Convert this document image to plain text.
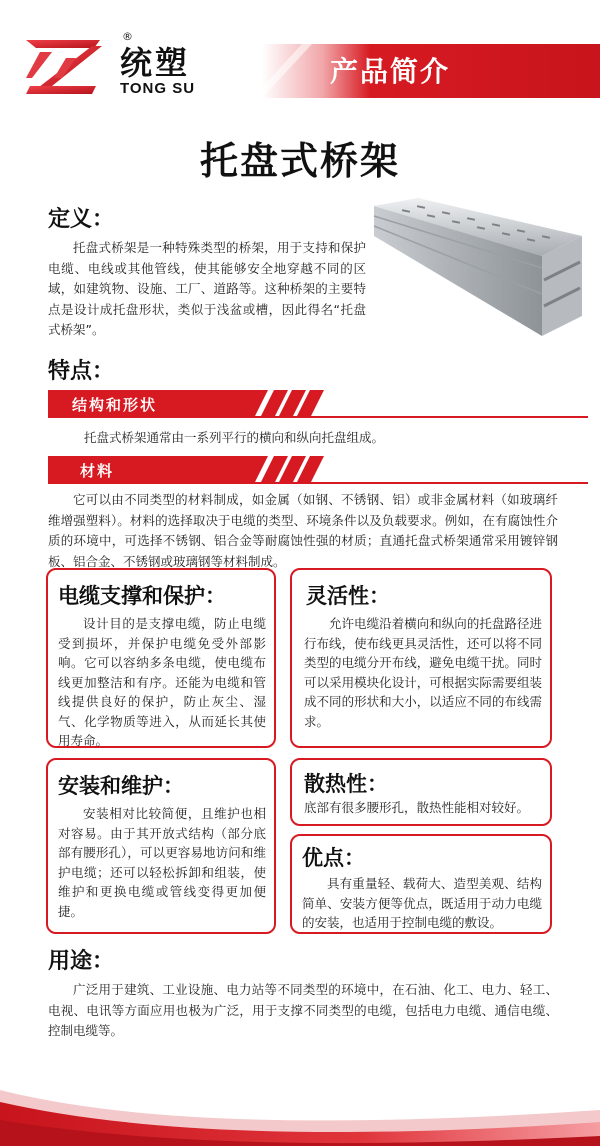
®
统塑
TONG SU
产品简介
托盘式桥架
定义：
托盘式桥架是一种特殊类型的桥架，用于支持和保护电缆、电线或其他管线，使其能够安全地穿越不同的区域，如建筑物、设施、工厂、道路等。这种桥架的主要特点是设计成托盘形状，类似于浅盆或槽，因此得名“托盘式桥架”。
特点：
结构和形状
托盘式桥架通常由一系列平行的横向和纵向托盘组成。
材料
它可以由不同类型的材料制成，如金属（如钢、不锈钢、铝）或非金属材料（如玻璃纤维增强塑料）。材料的选择取决于电缆的类型、环境条件以及负载要求。例如，在有腐蚀性介质的环境中，可选择不锈钢、铝合金等耐腐蚀性强的材质；直通托盘式桥架通常采用镀锌钢板、铝合金、不锈钢或玻璃钢等材料制成。
电缆支撑和保护：
设计目的是支撑电缆，防止电缆受到损坏，并保护电缆免受外部影响。它可以容纳多条电缆，使电缆布线更加整洁和有序。还能为电缆和管线提供良好的保护，防止灰尘、湿气、化学物质等进入，从而延长其使用寿命。
灵活性：
允许电缆沿着横向和纵向的托盘路径进行布线，使布线更具灵活性，还可以将不同类型的电缆分开布线，避免电缆干扰。同时可以采用模块化设计，可根据实际需要组装成不同的形状和大小，以适应不同的布线需求。
安装和维护：
安装相对比较简便，且维护也相对容易。由于其开放式结构（部分底部有腰形孔），可以更容易地访问和维护电缆；还可以轻松拆卸和组装，使维护和更换电缆或管线变得更加便捷。
散热性：
底部有很多腰形孔，散热性能相对较好。
优点：
具有重量轻、载荷大、造型美观、结构简单、安装方便等优点，既适用于动力电缆的安装，也适用于控制电缆的敷设。
用途：
广泛用于建筑、工业设施、电力站等不同类型的环境中，在石油、化工、电力、轻工、电视、电讯等方面应用也极为广泛，用于支撑不同类型的电缆，包括电力电缆、通信电缆、控制电缆等。
